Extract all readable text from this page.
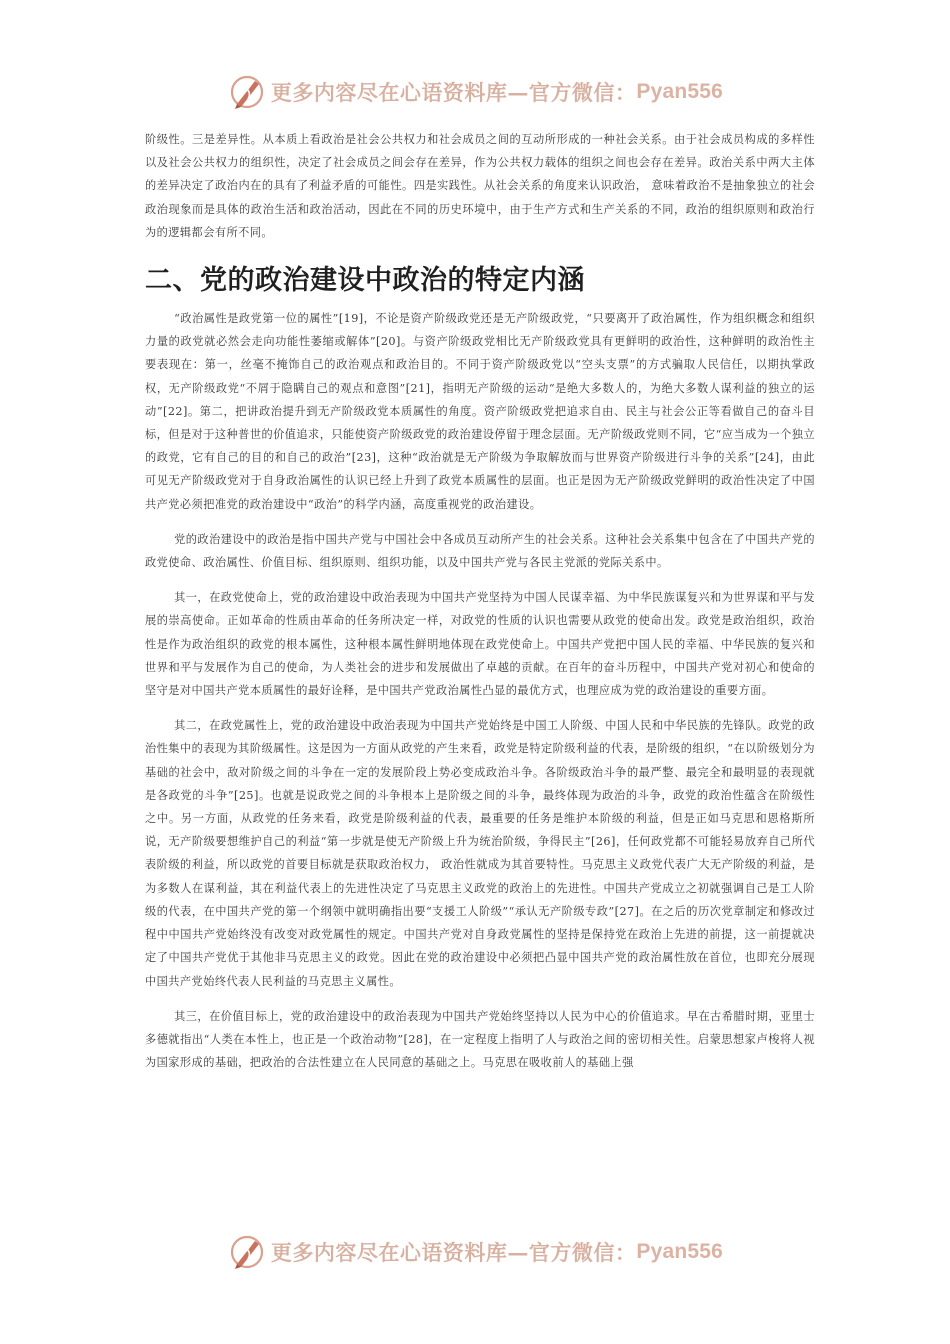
更多内容尽在心语资料库—官方微信： Pyan556

阶级性。三是差异性。从本质上看政治是社会公共权力和社会成员之间的互动所形成的一种社会关系。由于社会成员构成的多样性以及社会公共权力的组织性，决定了社会成员之间会存在差异，作为公共权力载体的组织之间也会存在差异。政治关系中两大主体的差异决定了政治内在的具有了利益矛盾的可能性。四是实践性。从社会关系的角度来认识政治， 意味着政治不是抽象独立的社会政治现象而是具体的政治生活和政治活动，因此在不同的历史环境中，由于生产方式和生产关系的不同，政治的组织原则和政治行为的逻辑都会有所不同。

二、党的政治建设中政治的特定内涵

“政治属性是政党第一位的属性”[19]，不论是资产阶级政党还是无产阶级政党，“只要离开了政治属性，作为组织概念和组织力量的政党就必然会走向功能性萎缩或解体”[20]。与资产阶级政党相比无产阶级政党具有更鲜明的政治性，这种鲜明的政治性主要表现在：第一，丝毫不掩饰自己的政治观点和政治目的。不同于资产阶级政党以“空头支票”的方式骗取人民信任，以期执掌政权，无产阶级政党“不屑于隐瞒自己的观点和意图”[21]，指明无产阶级的运动“是绝大多数人的，为绝大多数人谋利益的独立的运动”[22]。第二，把讲政治提升到无产阶级政党本质属性的角度。资产阶级政党把追求自由、民主与社会公正等看做自己的奋斗目标，但是对于这种普世的价值追求，只能使资产阶级政党的政治建设停留于理念层面。无产阶级政党则不同，它“应当成为一个独立的政党，它有自己的目的和自己的政治”[23]，这种“政治就是无产阶级为争取解放而与世界资产阶级进行斗争的关系”[24]，由此可见无产阶级政党对于自身政治属性的认识已经上升到了政党本质属性的层面。也正是因为无产阶级政党鲜明的政治性决定了中国共产党必须把准党的政治建设中“政治”的科学内涵，高度重视党的政治建设。

党的政治建设中的政治是指中国共产党与中国社会中各成员互动所产生的社会关系。这种社会关系集中包含在了中国共产党的政党使命、政治属性、价值目标、组织原则、组织功能，以及中国共产党与各民主党派的党际关系中。

其一，在政党使命上，党的政治建设中政治表现为中国共产党坚持为中国人民谋幸福、为中华民族谋复兴和为世界谋和平与发展的崇高使命。正如革命的性质由革命的任务所决定一样，对政党的性质的认识也需要从政党的使命出发。政党是政治组织，政治性是作为政治组织的政党的根本属性，这种根本属性鲜明地体现在政党使命上。中国共产党把中国人民的幸福、中华民族的复兴和世界和平与发展作为自己的使命，为人类社会的进步和发展做出了卓越的贡献。在百年的奋斗历程中，中国共产党对初心和使命的坚守是对中国共产党本质属性的最好诠释，是中国共产党政治属性凸显的最优方式，也理应成为党的政治建设的重要方面。

其二，在政党属性上，党的政治建设中政治表现为中国共产党始终是中国工人阶级、中国人民和中华民族的先锋队。政党的政治性集中的表现为其阶级属性。这是因为一方面从政党的产生来看，政党是特定阶级利益的代表，是阶级的组织，“在以阶级划分为基础的社会中，敌对阶级之间的斗争在一定的发展阶段上势必变成政治斗争。各阶级政治斗争的最严整、最完全和最明显的表现就是各政党的斗争”[25]。也就是说政党之间的斗争根本上是阶级之间的斗争，最终体现为政治的斗争，政党的政治性蕴含在阶级性之中。另一方面，从政党的任务来看，政党是阶级利益的代表，最重要的任务是维护本阶级的利益，但是正如马克思和恩格斯所说，无产阶级要想维护自己的利益“第一步就是使无产阶级上升为统治阶级，争得民主”[26]，任何政党都不可能轻易放弃自己所代表阶级的利益，所以政党的首要目标就是获取政治权力， 政治性就成为其首要特性。马克思主义政党代表广大无产阶级的利益，是为多数人在谋利益，其在利益代表上的先进性决定了马克思主义政党的政治上的先进性。中国共产党成立之初就强调自己是工人阶级的代表，在中国共产党的第一个纲领中就明确指出要“支援工人阶级”“承认无产阶级专政”[27]。在之后的历次党章制定和修改过程中中国共产党始终没有改变对政党属性的规定。中国共产党对自身政党属性的坚持是保持党在政治上先进的前提，这一前提就决定了中国共产党优于其他非马克思主义的政党。因此在党的政治建设中必须把凸显中国共产党的政治属性放在首位，也即充分展现中国共产党始终代表人民利益的马克思主义属性。

其三，在价值目标上，党的政治建设中的政治表现为中国共产党始终坚持以人民为中心的价值追求。早在古希腊时期，亚里士多德就指出“人类在本性上，也正是一个政治动物”[28]，在一定程度上指明了人与政治之间的密切相关性。启蒙思想家卢梭将人视为国家形成的基础，把政治的合法性建立在人民同意的基础之上。马克思在吸收前人的基础上强

更多内容尽在心语资料库—官方微信： Pyan556
